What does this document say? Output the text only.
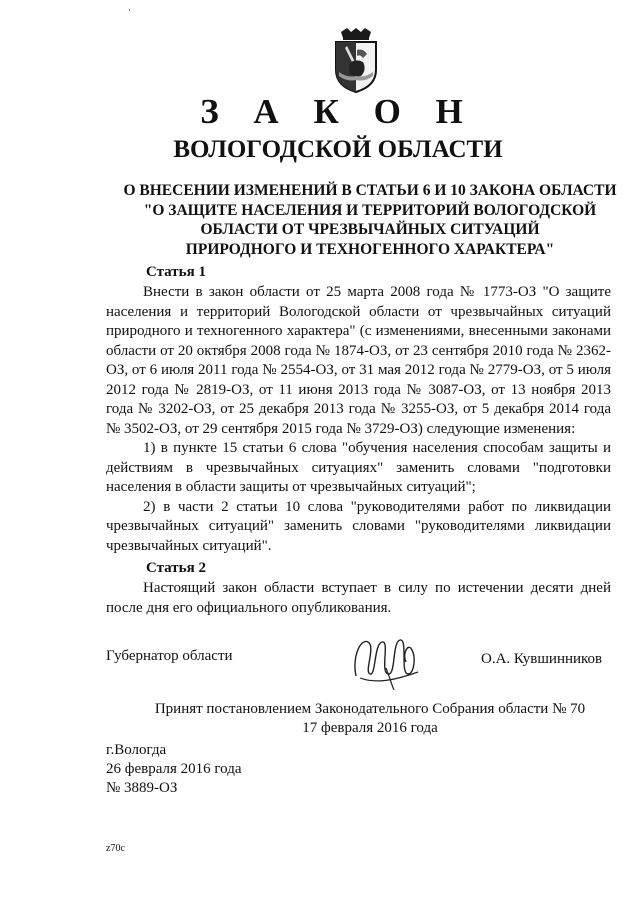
З А К О Н
ВОЛОГОДСКОЙ ОБЛАСТИ
О ВНЕСЕНИИ ИЗМЕНЕНИЙ В СТАТЬИ 6 И 10 ЗАКОНА ОБЛАСТИ
"О ЗАЩИТЕ НАСЕЛЕНИЯ И ТЕРРИТОРИЙ ВОЛОГОДСКОЙ
ОБЛАСТИ ОТ ЧРЕЗВЫЧАЙНЫХ СИТУАЦИЙ
ПРИРОДНОГО И ТЕХНОГЕННОГО ХАРАКТЕРА"
Статья 1

Внести в закон области от 25 марта 2008 года № 1773-ОЗ "О защите населения и территорий Вологодской области от чрезвычайных ситуаций природного и техногенного характера" (с изменениями, внесенными законами области от 20 октября 2008 года № 1874-ОЗ, от 23 сентября 2010 года № 2362-ОЗ, от 6 июля 2011 года № 2554-ОЗ, от 31 мая 2012 года № 2779-ОЗ, от 5 июля 2012 года № 2819-ОЗ, от 11 июня 2013 года № 3087-ОЗ, от 13 ноября 2013 года № 3202-ОЗ, от 25 декабря 2013 года № 3255-ОЗ, от 5 декабря 2014 года № 3502-ОЗ, от 29 сентября 2015 года № 3729-ОЗ) следующие изменения:

1) в пункте 15 статьи 6 слова "обучения населения способам защиты и действиям в чрезвычайных ситуациях" заменить словами "подготовки населения в области защиты от чрезвычайных ситуаций";

2) в части 2 статьи 10 слова "руководителями работ по ликвидации чрезвычайных ситуаций" заменить словами "руководителями ликвидации чрезвычайных ситуаций".

Статья 2

Настоящий закон области вступает в силу по истечении десяти дней после дня его официального опубликования.

Губернатор области	О.А. Кувшинников
Принят постановлением Законодательного Собрания области № 70
17 февраля 2016 года
г.Вологда
26 февраля 2016 года
№ 3889-ОЗ
z70c
